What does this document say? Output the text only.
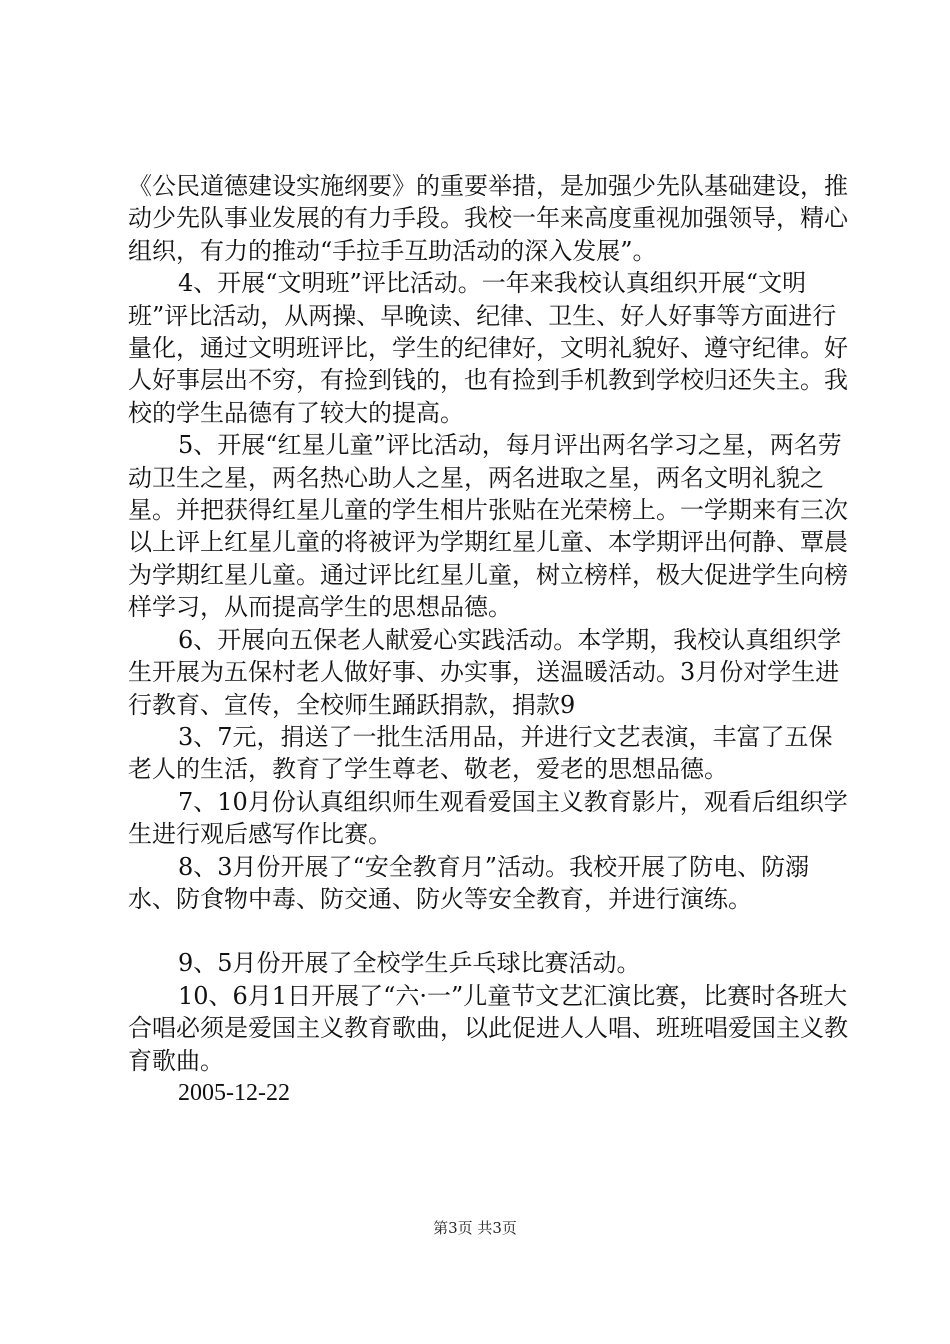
《公民道德建设实施纲要》的重要举措，是加强少先队基础建设，推动少先队事业发展的有力手段。我校一年来高度重视加强领导，精心组织，有力的推动“手拉手互助活动的深入发展”。

4、开展“文明班”评比活动。一年来我校认真组织开展“文明班”评比活动，从两操、早晚读、纪律、卫生、好人好事等方面进行量化，通过文明班评比，学生的纪律好，文明礼貌好、遵守纪律。好人好事层出不穷，有捡到钱的，也有捡到手机教到学校归还失主。我校的学生品德有了较大的提高。

5、开展“红星儿童”评比活动，每月评出两名学习之星，两名劳动卫生之星，两名热心助人之星，两名进取之星，两名文明礼貌之星。并把获得红星儿童的学生相片张贴在光荣榜上。一学期来有三次以上评上红星儿童的将被评为学期红星儿童、本学期评出何静、覃晨为学期红星儿童。通过评比红星儿童，树立榜样，极大促进学生向榜样学习，从而提高学生的思想品德。

6、开展向五保老人献爱心实践活动。本学期，我校认真组织学生开展为五保村老人做好事、办实事，送温暖活动。3月份对学生进行教育、宣传，全校师生踊跃捐款，捐款9

3、7元，捐送了一批生活用品，并进行文艺表演，丰富了五保老人的生活，教育了学生尊老、敬老，爱老的思想品德。

7、10月份认真组织师生观看爱国主义教育影片，观看后组织学生进行观后感写作比赛。

8、3月份开展了“安全教育月”活动。我校开展了防电、防溺水、防食物中毒、防交通、防火等安全教育，并进行演练。

9、5月份开展了全校学生乒乓球比赛活动。

10、6月1日开展了“六·一”儿童节文艺汇演比赛，比赛时各班大合唱必须是爱国主义教育歌曲，以此促进人人唱、班班唱爱国主义教育歌曲。

2005-12-22

第3页 共3页
